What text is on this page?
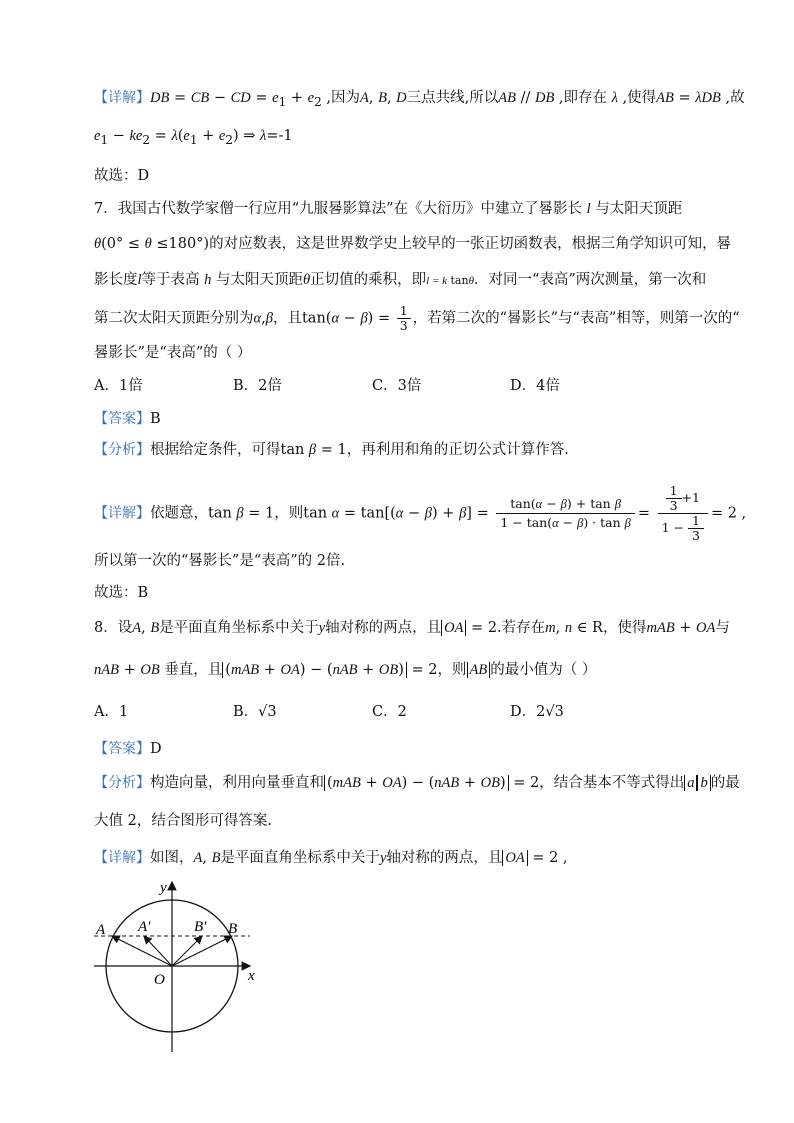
【详解】DB = CB − CD = $e_1 + e_2$ ,因为A, B, D三点共线,所以AB // DB ,即存在 λ ,使得AB = λDB ,故
$e_1 - ke_2 = \lambda(e_1 + e_2)$ ⇒ λ=-1
故选：D
7．我国古代数学家僧一行应用“九服晷影算法”在《大衍历》中建立了晷影长 l 与太阳天顶距
θ(0° ≤ θ ≤180°)的对应数表，这是世界数学史上较早的一张正切函数表，根据三角学知识可知，晷
影长度l等于表高 h 与太阳天顶距θ正切值的乘积，即l = k tanθ．对同一“表高”两次测量，第一次和
第二次太阳天顶距分别为α,β，且$\tan(\alpha - \beta) = \frac{1}{3}$ ，若第二次的“晷影长”与“表高”相等，则第一次的“
晷影长”是“表高”的（ ）
A．1倍	B．2倍	C．3倍	D．4倍
【答案】B
【分析】根据给定条件，可得tan β = 1，再利用和角的正切公式计算作答.
【详解】依题意，tan β = 1，则$\tan \alpha = \tan[(\alpha - \beta) + \beta] = \frac{\text{tan(α − β) + tan β}}{\text{1 − tan(α − β) · tan β}} = \frac{\frac{1}{3} +1}{1 - \frac{1}{3}} = 2$ ,
所以第一次的“晷影长”是“表高”的 2倍.
故选：B
8．设A, B是平面直角坐标系中关于y轴对称的两点，且 OA = 2.若存在m, n ∈ R，使得mAB + OA与
nAB + OB 垂直，且 (mAB + OA) − (nAB + OB) = 2，则 AB 的最小值为（ ）
A．1	B．√3	C．2	D．2√3
【答案】D
【分析】构造向量，利用向量垂直和 (mAB + OA) − (nAB + OB) = 2，结合基本不等式得出 a b 的最
大值 2，结合图形可得答案.
【详解】如图，A, B是平面直角坐标系中关于y轴对称的两点，且 OA = 2 ,
y
x
O
A A′	B′ B
